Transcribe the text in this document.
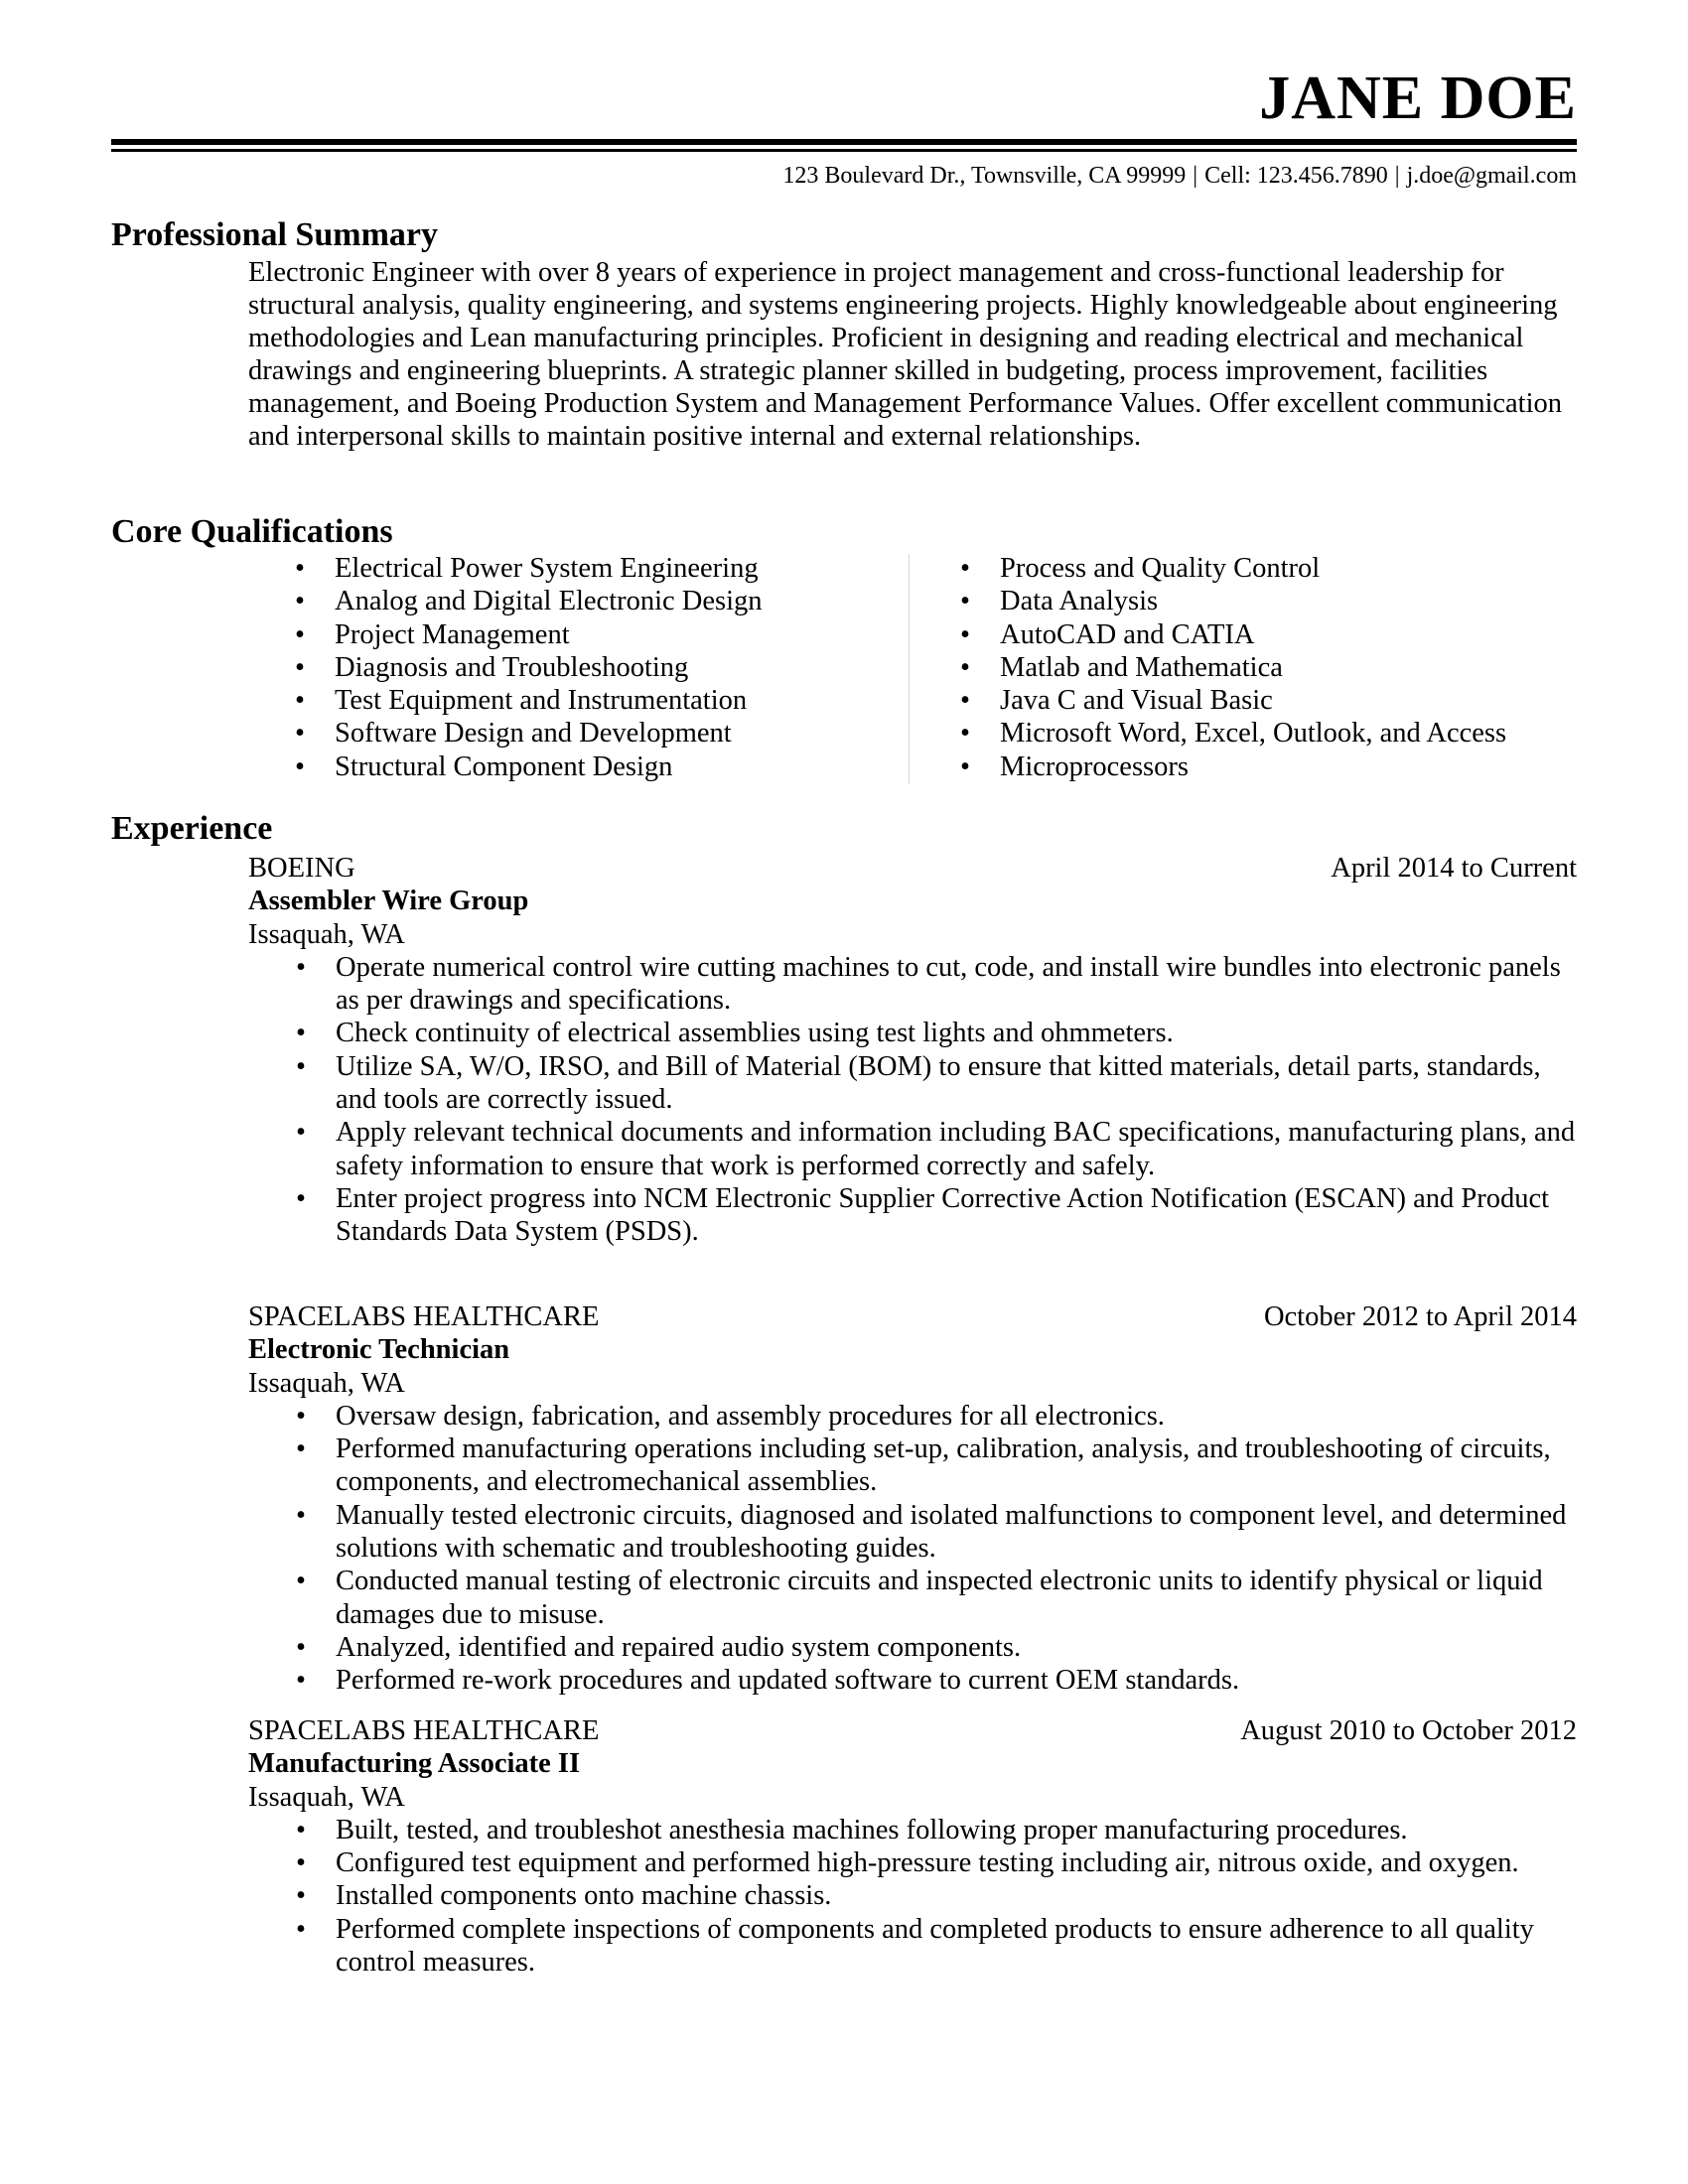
JANE DOE
123 Boulevard Dr., Townsville, CA 99999 | Cell: 123.456.7890 | j.doe@gmail.com
Professional Summary

Electronic Engineer with over 8 years of experience in project management and cross-functional leadership for structural analysis, quality engineering, and systems engineering projects. Highly knowledgeable about engineering methodologies and Lean manufacturing principles. Proficient in designing and reading electrical and mechanical drawings and engineering blueprints. A strategic planner skilled in budgeting, process improvement, facilities management, and Boeing Production System and Management Performance Values. Offer excellent communication and interpersonal skills to maintain positive internal and external relationships.

Core Qualifications
• Electrical Power System Engineering
• Analog and Digital Electronic Design
• Project Management
• Diagnosis and Troubleshooting
• Test Equipment and Instrumentation
• Software Design and Development
• Structural Component Design
• Process and Quality Control
• Data Analysis
• AutoCAD and CATIA
• Matlab and Mathematica
• Java C and Visual Basic
• Microsoft Word, Excel, Outlook, and Access
• Microprocessors
Experience
BOEING	April 2014 to Current
Assembler Wire Group
Issaquah, WA
• Operate numerical control wire cutting machines to cut, code, and install wire bundles into electronic panels as per drawings and specifications.
• Check continuity of electrical assemblies using test lights and ohmmeters.
• Utilize SA, W/O, IRSO, and Bill of Material (BOM) to ensure that kitted materials, detail parts, standards, and tools are correctly issued.
• Apply relevant technical documents and information including BAC specifications, manufacturing plans, and safety information to ensure that work is performed correctly and safely.
• Enter project progress into NCM Electronic Supplier Corrective Action Notification (ESCAN) and Product Standards Data System (PSDS).
SPACELABS HEALTHCARE	October 2012 to April 2014
Electronic Technician
Issaquah, WA
• Oversaw design, fabrication, and assembly procedures for all electronics.
• Performed manufacturing operations including set-up, calibration, analysis, and troubleshooting of circuits, components, and electromechanical assemblies.
• Manually tested electronic circuits, diagnosed and isolated malfunctions to component level, and determined solutions with schematic and troubleshooting guides.
• Conducted manual testing of electronic circuits and inspected electronic units to identify physical or liquid damages due to misuse.
• Analyzed, identified and repaired audio system components.
• Performed re-work procedures and updated software to current OEM standards.
SPACELABS HEALTHCARE	August 2010 to October 2012
Manufacturing Associate II
Issaquah, WA
• Built, tested, and troubleshot anesthesia machines following proper manufacturing procedures.
• Configured test equipment and performed high-pressure testing including air, nitrous oxide, and oxygen.
• Installed components onto machine chassis.
• Performed complete inspections of components and completed products to ensure adherence to all quality control measures.
